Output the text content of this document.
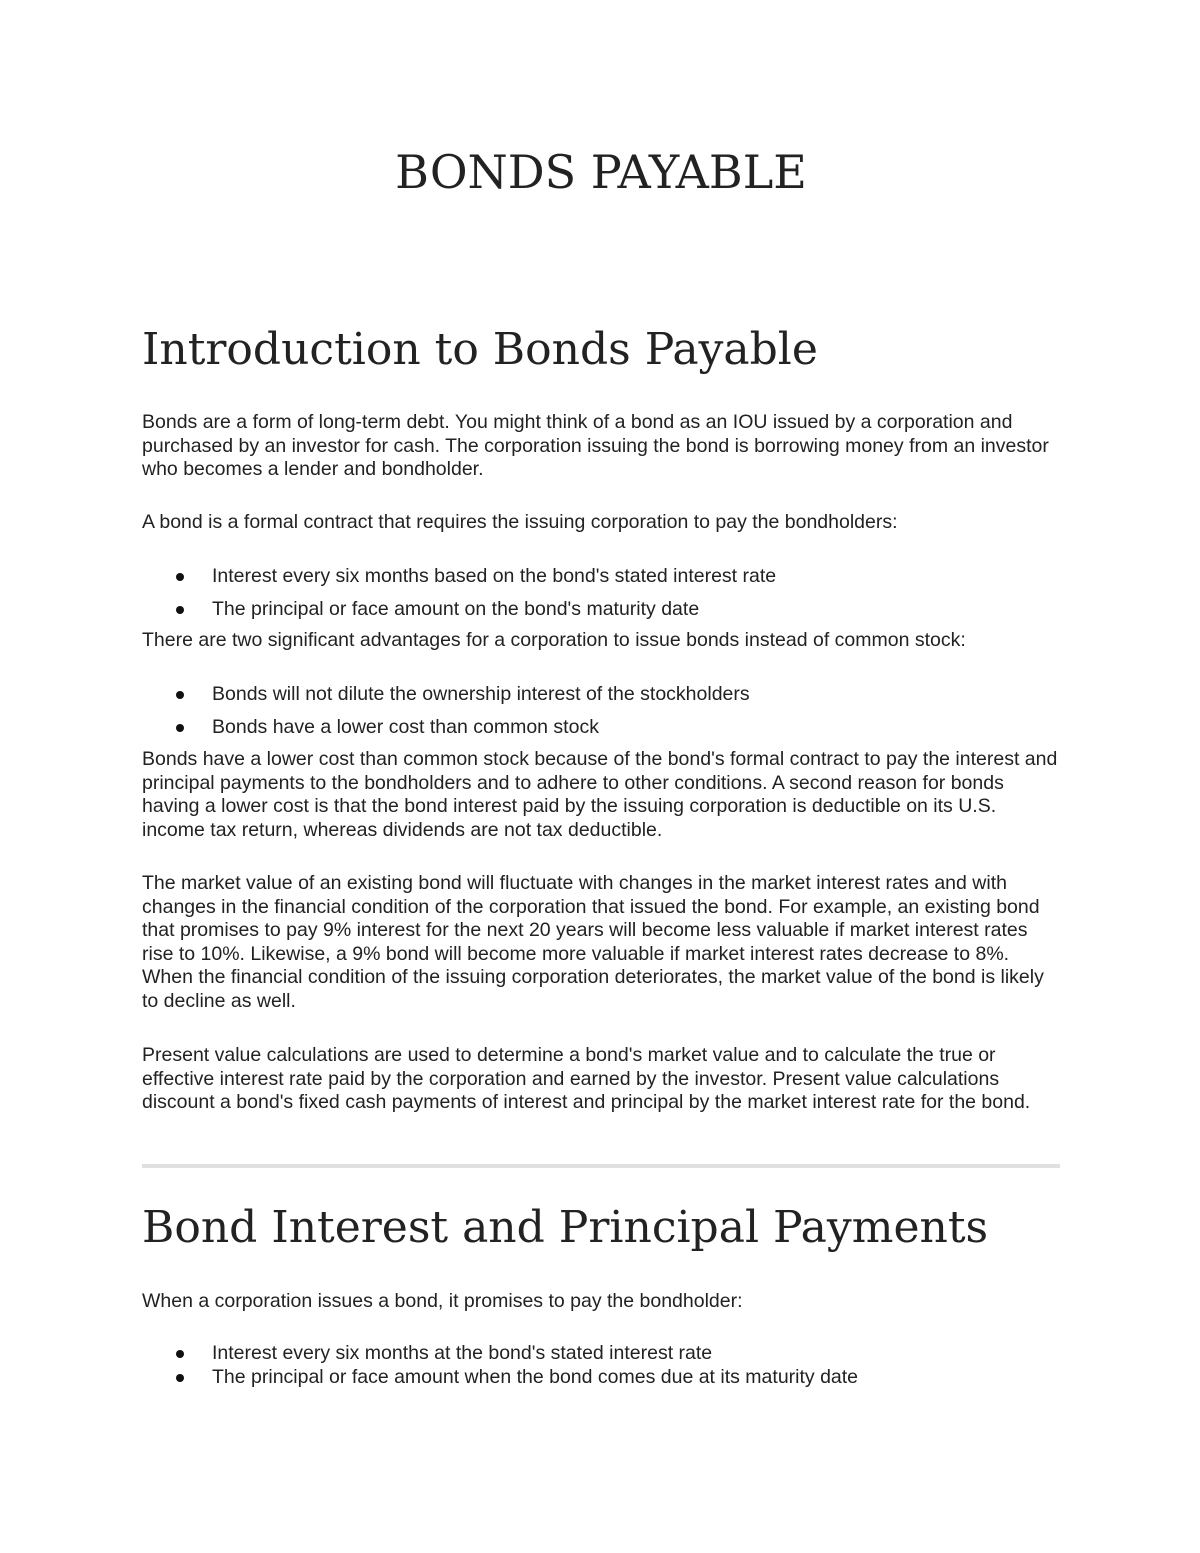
BONDS PAYABLE
Introduction to Bonds Payable

Bonds are a form of long-term debt. You might think of a bond as an IOU issued by a corporation and purchased by an investor for cash. The corporation issuing the bond is borrowing money from an investor who becomes a lender and bondholder.

A bond is a formal contract that requires the issuing corporation to pay the bondholders:

Interest every six months based on the bond's stated interest rate
The principal or face amount on the bond's maturity date

There are two significant advantages for a corporation to issue bonds instead of common stock:

Bonds will not dilute the ownership interest of the stockholders
Bonds have a lower cost than common stock

Bonds have a lower cost than common stock because of the bond's formal contract to pay the interest and principal payments to the bondholders and to adhere to other conditions. A second reason for bonds having a lower cost is that the bond interest paid by the issuing corporation is deductible on its U.S. income tax return, whereas dividends are not tax deductible.

The market value of an existing bond will fluctuate with changes in the market interest rates and with changes in the financial condition of the corporation that issued the bond. For example, an existing bond that promises to pay 9% interest for the next 20 years will become less valuable if market interest rates rise to 10%. Likewise, a 9% bond will become more valuable if market interest rates decrease to 8%. When the financial condition of the issuing corporation deteriorates, the market value of the bond is likely to decline as well.

Present value calculations are used to determine a bond's market value and to calculate the true or effective interest rate paid by the corporation and earned by the investor. Present value calculations discount a bond's fixed cash payments of interest and principal by the market interest rate for the bond.

Bond Interest and Principal Payments

When a corporation issues a bond, it promises to pay the bondholder:

Interest every six months at the bond's stated interest rate
The principal or face amount when the bond comes due at its maturity date
